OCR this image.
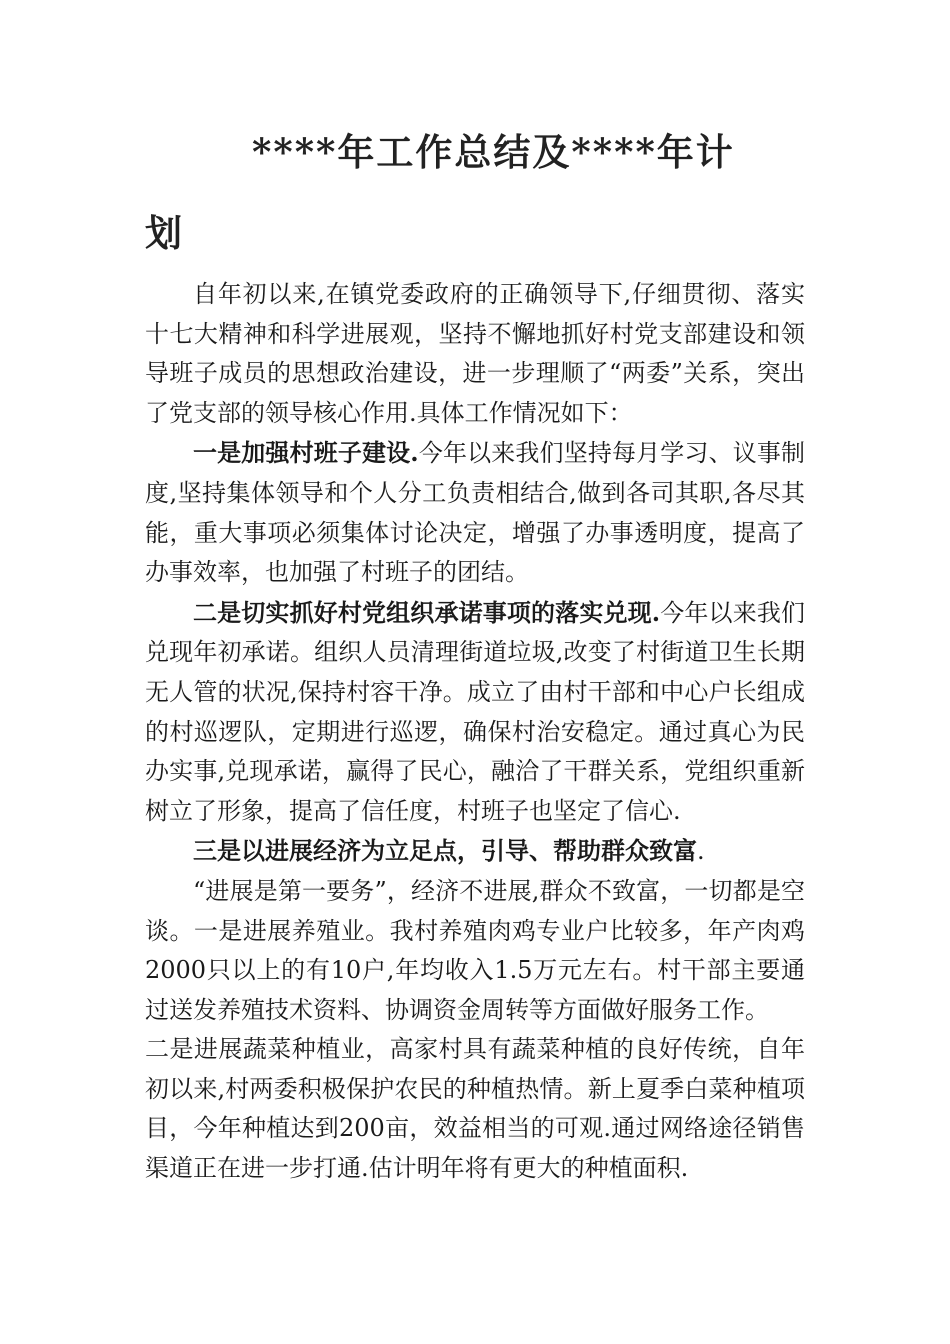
****年工作总结及****年计
划

自年初以来,在镇党委政府的正确领导下,仔细贯彻、落实十七大精神和科学进展观，坚持不懈地抓好村党支部建设和领导班子成员的思想政治建设，进一步理顺了“两委”关系，突出了党支部的领导核心作用.具体工作情况如下：

一是加强村班子建设.今年以来我们坚持每月学习、议事制度,坚持集体领导和个人分工负责相结合,做到各司其职,各尽其能，重大事项必须集体讨论决定，增强了办事透明度，提高了办事效率，也加强了村班子的团结。

二是切实抓好村党组织承诺事项的落实兑现.今年以来我们兑现年初承诺。组织人员清理街道垃圾,改变了村街道卫生长期无人管的状况,保持村容干净。成立了由村干部和中心户长组成的村巡逻队，定期进行巡逻，确保村治安稳定。通过真心为民办实事,兑现承诺，赢得了民心，融洽了干群关系，党组织重新树立了形象，提高了信任度，村班子也坚定了信心.

三是以进展经济为立足点，引导、帮助群众致富.

“进展是第一要务”，经济不进展,群众不致富，一切都是空谈。一是进展养殖业。我村养殖肉鸡专业户比较多，年产肉鸡2000只以上的有10户,年均收入1.5万元左右。村干部主要通过送发养殖技术资料、协调资金周转等方面做好服务工作。

二是进展蔬菜种植业，高家村具有蔬菜种植的良好传统，自年初以来,村两委积极保护农民的种植热情。新上夏季白菜种植项目，今年种植达到200亩，效益相当的可观.通过网络途径销售渠道正在进一步打通.估计明年将有更大的种植面积.
